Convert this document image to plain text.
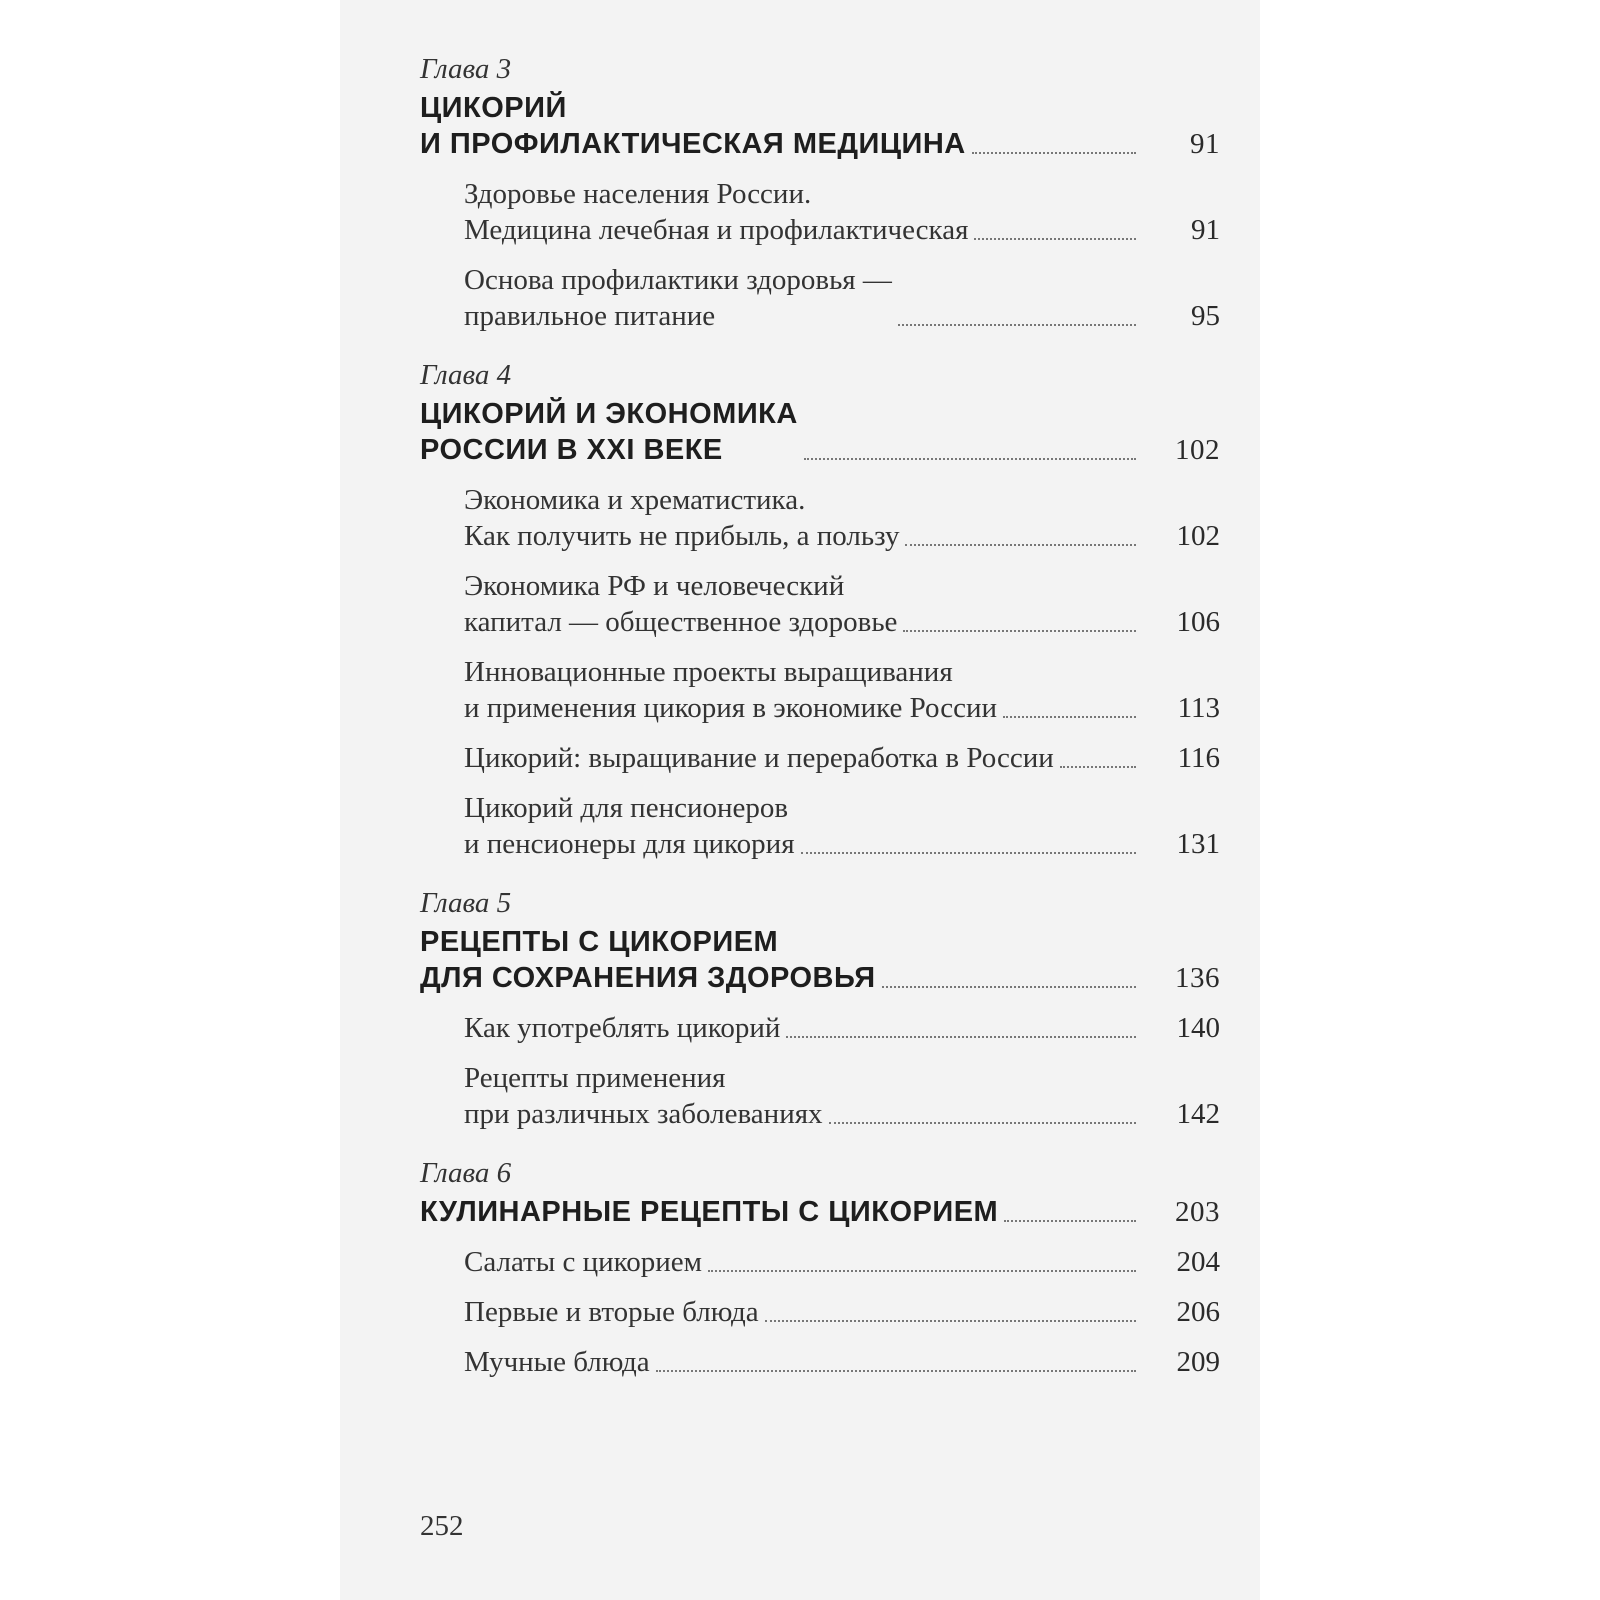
Глава 3
ЦИКОРИЙ
И ПРОФИЛАКТИЧЕСКАЯ МЕДИЦИНА	91
Здоровье населения России.
Медицина лечебная и профилактическая	91
Основа профилактики здоровья —
правильное питание	95
Глава 4
ЦИКОРИЙ И ЭКОНОМИКА
РОССИИ В XXI ВЕКЕ	102
Экономика и хрематистика.
Как получить не прибыль, а пользу	102
Экономика РФ и человеческий
капитал — общественное здоровье	106
Инновационные проекты выращивания
и применения цикория в экономике России	113
Цикорий: выращивание и переработка в России	116
Цикорий для пенсионеров
и пенсионеры для цикория	131
Глава 5
РЕЦЕПТЫ С ЦИКОРИЕМ
ДЛЯ СОХРАНЕНИЯ ЗДОРОВЬЯ	136
Как употреблять цикорий	140
Рецепты применения
при различных заболеваниях	142
Глава 6
КУЛИНАРНЫЕ РЕЦЕПТЫ С ЦИКОРИЕМ	203
Салаты с цикорием	204
Первые и вторые блюда	206
Мучные блюда	209
252
